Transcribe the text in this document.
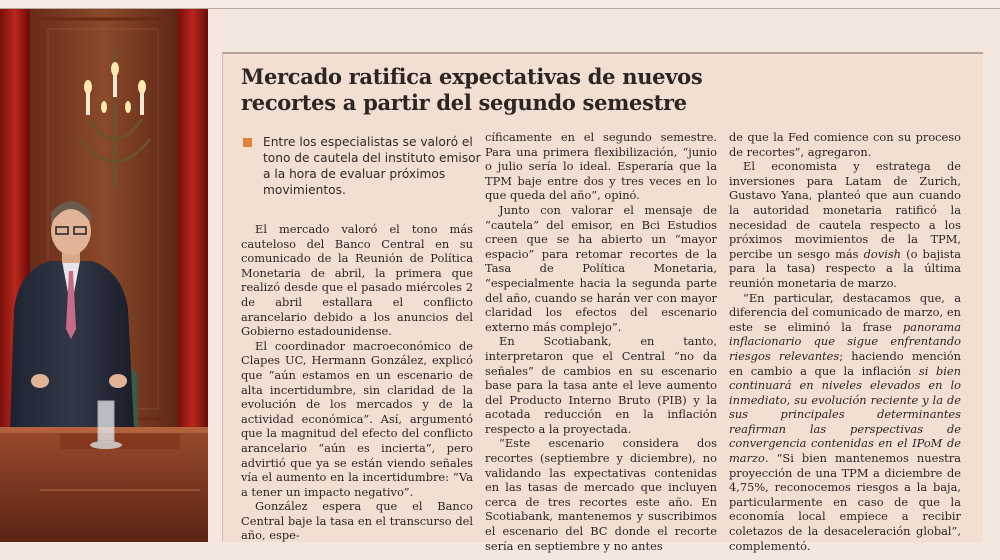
Mercado ratifica expectativas de nuevos
recortes a partir del segundo semestre
Entre los especialistas se valoró el tono de cautela del instituto emisor a la hora de evaluar próximos movimientos.

El mercado valoró el tono más cauteloso del Banco Central en su comunicado de la Reunión de Política Monetaria de abril, la primera que realizó desde que el pasado miércoles 2 de abril estallara el conflicto arancelario debido a los anuncios del Gobierno estadounidense.

El coordinador macroeconómico de Clapes UC, Hermann González, explicó que “aún estamos en un escenario de alta incertidumbre, sin claridad de la evolución de los mercados y de la actividad económica”. Así, argumentó que la magnitud del efecto del conflicto arancelario “aún es incierta”, pero advirtió que ya se están viendo señales vía el aumento en la incertidumbre: “Va a tener un impacto negativo”.

González espera que el Banco Central baje la tasa en el transcurso del año, espe-

cíficamente en el segundo semestre. Para una primera flexibilización, “junio o julio sería lo ideal. Esperaría que la TPM baje entre dos y tres veces en lo que queda del año”, opinó.

Junto con valorar el mensaje de “cautela” del emisor, en Bci Estudios creen que se ha abierto un “mayor espacio” para retomar recortes de la Tasa de Política Monetaria, “especialmente hacia la segunda parte del año, cuando se harán ver con mayor claridad los efectos del escenario externo más complejo”.

En Scotiabank, en tanto, interpretaron que el Central “no da señales” de cambios en su escenario base para la tasa ante el leve aumento del Producto Interno Bruto (PIB) y la acotada reducción en la inflación respecto a la proyectada.

“Este escenario considera dos recortes (septiembre y diciembre), no validando las expectativas contenidas en las tasas de mercado que incluyen cerca de tres recortes este año. En Scotiabank, mantenemos y suscribimos el escenario del BC donde el recorte sería en septiembre y no antes

de que la Fed comience con su proceso de recortes”, agregaron.

El economista y estratega de inversiones para Latam de Zurich, Gustavo Yana, planteó que aun cuando la autoridad monetaria ratificó la necesidad de cautela respecto a los próximos movimientos de la TPM, percibe un sesgo más dovish (o bajista para la tasa) respecto a la última reunión monetaria de marzo.

“En particular, destacamos que, a diferencia del comunicado de marzo, en este se eliminó la frase panorama inflacionario que sigue enfrentando riesgos relevantes; haciendo mención en cambio a que la inflación si bien continuará en niveles elevados en lo inmediato, su evolución reciente y la de sus principales determinantes reafirman las perspectivas de convergencia contenidas en el IPoM de marzo. “Si bien mantenemos nuestra proyección de una TPM a diciembre de 4,75%, reconocemos riesgos a la baja, particularmente en caso de que la economía local empiece a recibir coletazos de la desaceleración global”, complementó.
